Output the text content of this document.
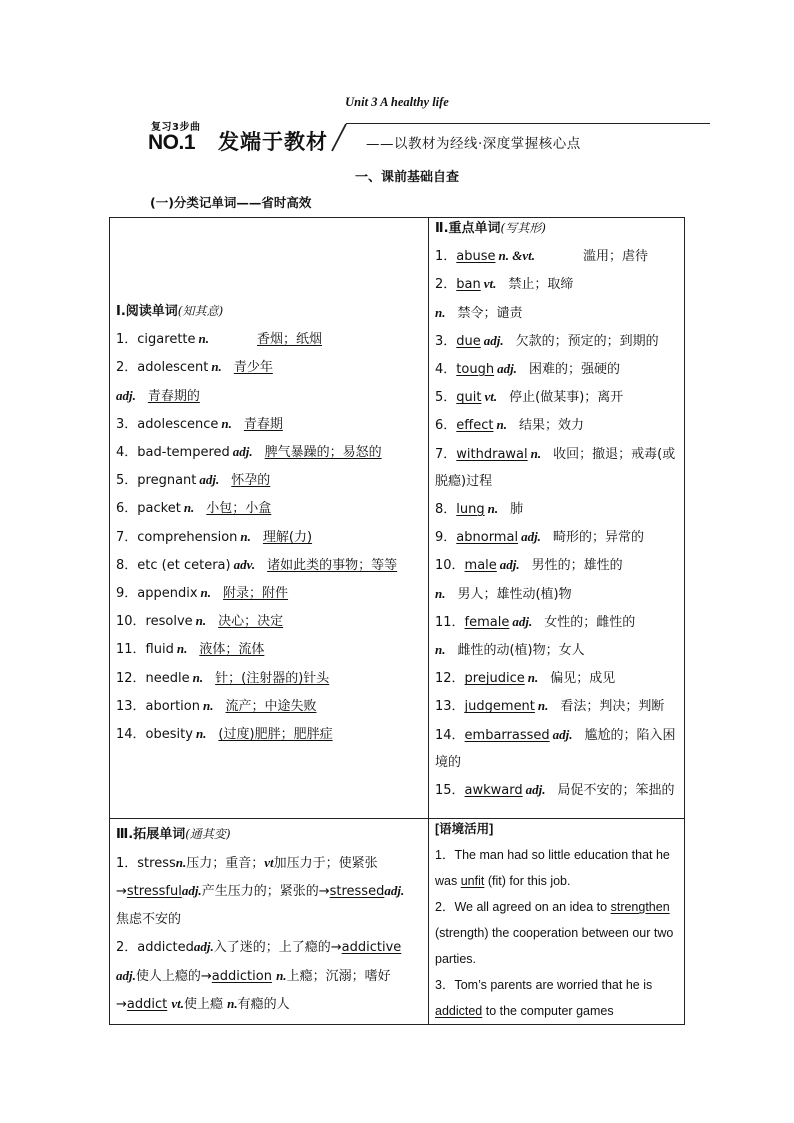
Unit 3 A healthy life
复习3步曲
NO.1 发端于教材	——以教材为经线·深度掌握核心点
一、课前基础自查
(一)分类记单词——省时高效
Ⅰ.阅读单词(知其意)
1．cigarette n.	香烟；纸烟
2．adolescent n. 青少年
adj. 青春期的
3．adolescence n. 青春期
4．bad-tempered adj. 脾气暴躁的；易怒的
5．pregnant adj. 怀孕的
6．packet n. 小包；小盒
7．comprehension n. 理解(力)
8．etc (et cetera) adv. 诸如此类的事物；等等
9．appendix n. 附录；附件
10．resolve n. 决心；决定
11．fluid n. 液体；流体
12．needle n. 针；(注射器的)针头
13．abortion n. 流产；中途失败
14．obesity n. (过度)肥胖；肥胖症
Ⅱ.重点单词(写其形)
1．abuse n. &vt.	滥用；虐待
2．ban vt. 禁止；取缔
n. 禁令；谴责
3．due adj. 欠款的；预定的；到期的
4．tough adj. 困难的；强硬的
5．quit vt. 停止(做某事)；离开
6．effect n. 结果；效力
7．withdrawal n. 收回；撤退；戒毒(或脱瘾)过程
8．lung n. 肺
9．abnormal adj. 畸形的；异常的
10．male adj. 男性的；雄性的
n. 男人；雄性动(植)物
11．female adj. 女性的；雌性的
n. 雌性的动(植)物；女人
12．prejudice n. 偏见；成见
13．judgement n. 看法；判决；判断
14．embarrassed adj. 尴尬的；陷入困境的
15．awkward adj. 局促不安的；笨拙的
Ⅲ.拓展单词(通其变)
1．stressn.压力；重音；vt加压力于；使紧张
→stressfuladj.产生压力的；紧张的→stressedadj.
焦虑不安的
2．addictedadj.入了迷的；上了瘾的→addictive
adj.使人上瘾的→addiction n.上瘾；沉溺；嗜好
→addict vt.使上瘾 n.有瘾的人
[语境活用]
1．The man had so little education that he was unfit (fit) for this job.
2．We all agreed on an idea to strengthen (strength) the cooperation between our two parties.
3．Tom’s parents are worried that he is addicted to the computer games
